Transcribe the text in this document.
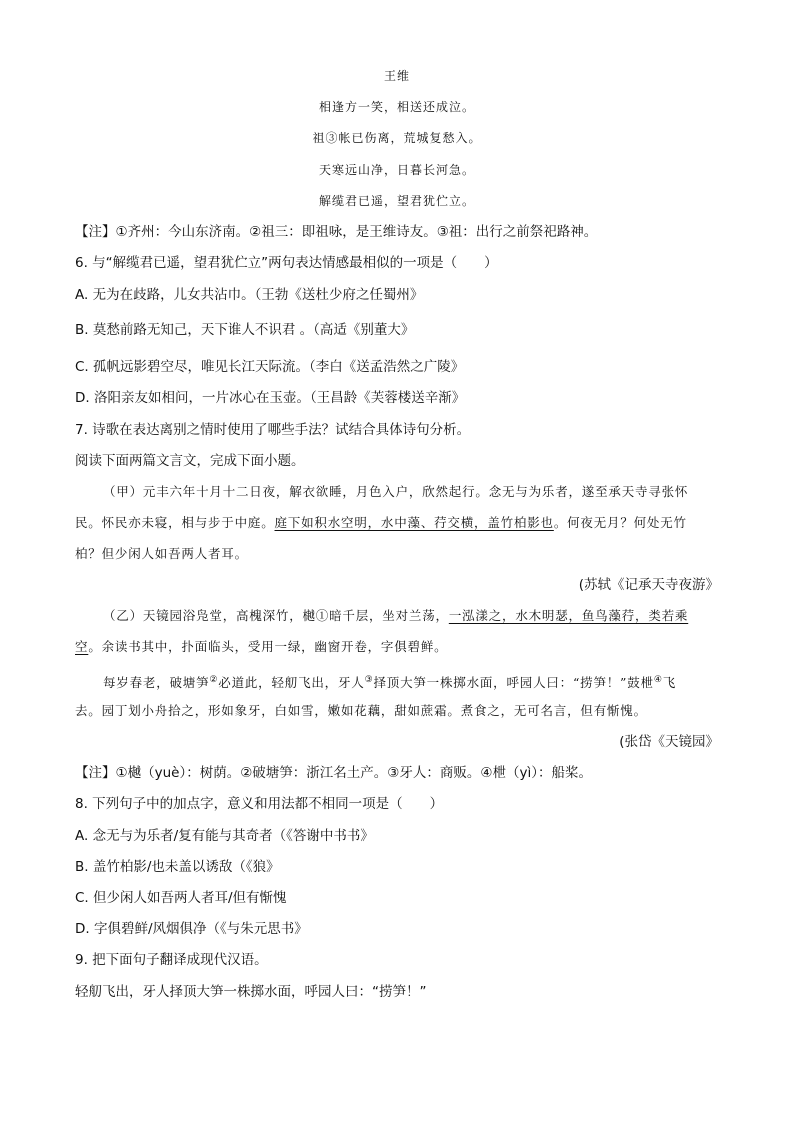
王维
相逢方一笑，相送还成泣。
祖③帐已伤离，荒城复愁入。
天寒远山净，日暮长河急。
解缆君已遥，望君犹伫立。
【注】①齐州：今山东济南。②祖三：即祖咏，是王维诗友。③祖：出行之前祭祀路神。
6. 与“解缆君已遥，望君犹伫立”两句表达情感最相似的一项是（　　）
A. 无为在歧路，儿女共沾巾。（王勃《送杜少府之任蜀州》
B. 莫愁前路无知己，天下谁人不识君 。（高适《别董大》
C. 孤帆远影碧空尽，唯见长江天际流。（李白《送孟浩然之广陵》
D. 洛阳亲友如相问，一片冰心在玉壶。（王昌龄《芙蓉楼送辛渐》
7. 诗歌在表达离别之情时使用了哪些手法？试结合具体诗句分析。
阅读下面两篇文言文，完成下面小题。
（甲）元丰六年十月十二日夜，解衣欲睡，月色入户，欣然起行。念无与为乐者，遂至承天寺寻张怀
民。怀民亦未寝，相与步于中庭。庭下如积水空明，水中藻、荇交横，盖竹柏影也。何夜无月？何处无竹
柏？但少闲人如吾两人者耳。
(苏轼《记承天寺夜游》
（乙）天镜园浴凫堂，高槐深竹，樾①暗千层，坐对兰荡，一泓漾之，水木明瑟，鱼鸟藻荇，类若乘
空。余读书其中，扑面临头，受用一绿，幽窗开卷，字俱碧鲜。
每岁春老，破塘笋②必道此，轻舠飞出，牙人③择顶大笋一株掷水面，呼园人曰：“捞笋！”鼓枻④飞
去。园丁划小舟拾之，形如象牙，白如雪，嫩如花藕，甜如蔗霜。煮食之，无可名言，但有惭愧。
(张岱《天镜园》
【注】①樾（yuè）：树荫。②破塘笋：浙江名土产。③牙人：商贩。④枻（yì）：船桨。
8. 下列句子中的加点字，意义和用法都不相同一项是（　　）
A. 念无与为乐者/复有能与其奇者（《答谢中书书》
B. 盖竹柏影/也未盖以诱敌（《狼》
C. 但少闲人如吾两人者耳/但有惭愧
D. 字俱碧鲜/风烟俱净（《与朱元思书》
9. 把下面句子翻译成现代汉语。
轻舠飞出，牙人择顶大笋一株掷水面，呼园人曰：“捞笋！”
